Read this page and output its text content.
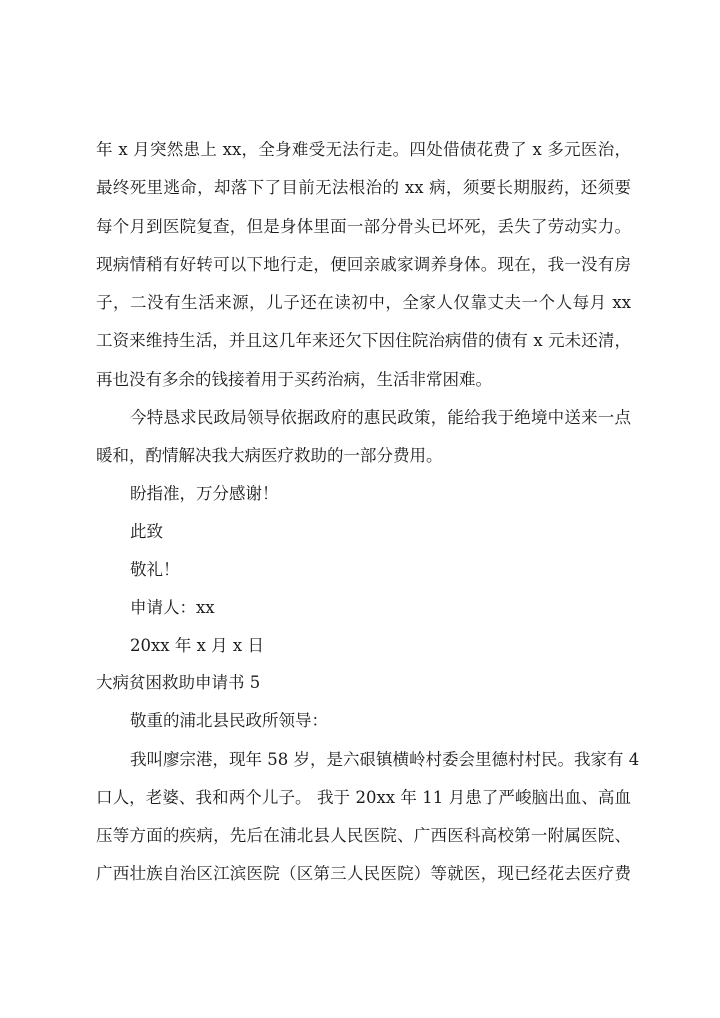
年 x 月突然患上 xx，全身难受无法行走。四处借债花费了 x 多元医治，
最终死里逃命，却落下了目前无法根治的 xx 病，须要长期服药，还须要
每个月到医院复查，但是身体里面一部分骨头已坏死，丢失了劳动实力。
现病情稍有好转可以下地行走，便回亲戚家调养身体。现在，我一没有房
子，二没有生活来源，儿子还在读初中，全家人仅靠丈夫一个人每月 xx
工资来维持生活，并且这几年来还欠下因住院治病借的债有 x 元未还清，
再也没有多余的钱接着用于买药治病，生活非常困难。
今特恳求民政局领导依据政府的惠民政策，能给我于绝境中送来一点
暖和，酌情解决我大病医疗救助的一部分费用。
盼指准，万分感谢！
此致
敬礼！
申请人：xx
20xx 年 x 月 x 日
大病贫困救助申请书 5
敬重的浦北县民政所领导：
我叫廖宗港，现年 58 岁，是六硍镇横岭村委会里德村村民。我家有 4
口人，老婆、我和两个儿子。 我于 20xx 年 11 月患了严峻脑出血、高血
压等方面的疾病，先后在浦北县人民医院、广西医科高校第一附属医院、
广西壮族自治区江滨医院（区第三人民医院）等就医，现已经花去医疗费
